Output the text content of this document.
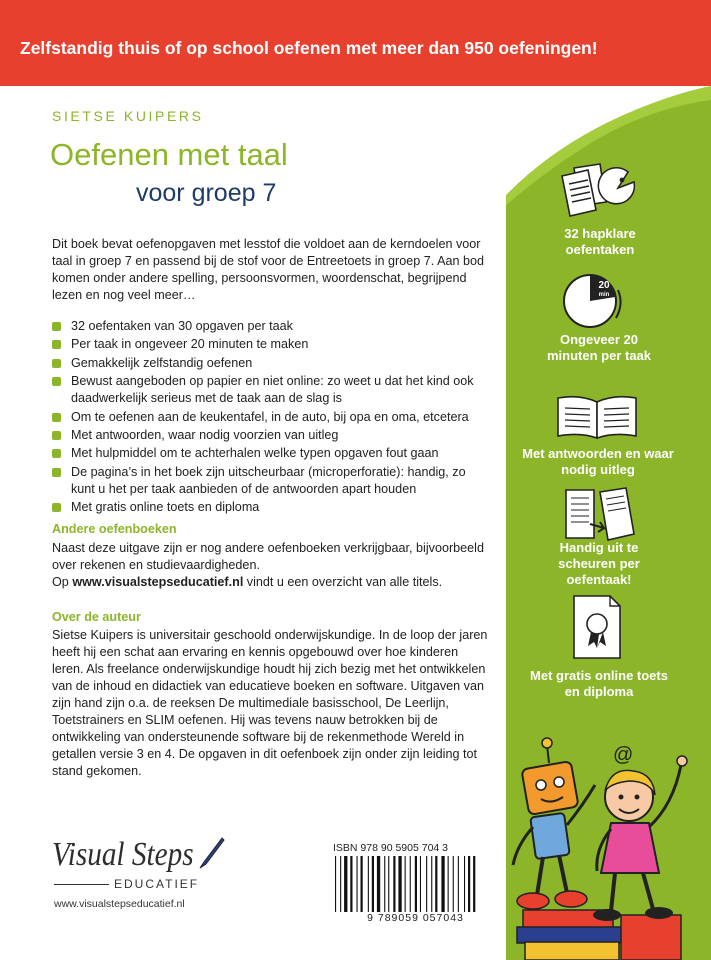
Zelfstandig thuis of op school oefenen met meer dan 950 oefeningen!
SIETSE KUIPERS
Oefenen met taal
voor groep 7
Dit boek bevat oefenopgaven met lesstof die voldoet aan de kerndoelen voor taal in groep 7 en passend bij de stof voor de Entreetoets in groep 7. Aan bod komen onder andere spelling, persoonsvormen, woordenschat, begrijpend lezen en nog veel meer…
32 oefentaken van 30 opgaven per taak
Per taak in ongeveer 20 minuten te maken
Gemakkelijk zelfstandig oefenen
Bewust aangeboden op papier en niet online: zo weet u dat het kind ook daadwerkelijk serieus met de taak aan de slag is
Om te oefenen aan de keukentafel, in de auto, bij opa en oma, etcetera
Met antwoorden, waar nodig voorzien van uitleg
Met hulpmiddel om te achterhalen welke typen opgaven fout gaan
De pagina’s in het boek zijn uitscheurbaar (microperforatie): handig, zo kunt u het per taak aanbieden of de antwoorden apart houden
Met gratis online toets en diploma
Andere oefenboeken
Naast deze uitgave zijn er nog andere oefenboeken verkrijgbaar, bijvoorbeeld over rekenen en studievaardigheden.
Op www.visualstepseducatief.nl vindt u een overzicht van alle titels.
Over de auteur
Sietse Kuipers is universitair geschoold onderwijskundige. In de loop der jaren heeft hij een schat aan ervaring en kennis opgebouwd over hoe kinderen leren. Als freelance onderwijskundige houdt hij zich bezig met het ontwikkelen van de inhoud en didactiek van educatieve boeken en software. Uitgaven van zijn hand zijn o.a. de reeksen De multimediale basisschool, De Leerlijn, Toetstrainers en SLIM oefenen. Hij was tevens nauw betrokken bij de ontwikkeling van ondersteunende software bij de rekenmethode Wereld in getallen versie 3 en 4. De opgaven in dit oefenboek zijn onder zijn leiding tot stand gekomen.
32 hapklare oefentaken
20
min
Ongeveer 20 minuten per taak
Met antwoorden en waar nodig uitleg
Handig uit te scheuren per oefentaak!
Met gratis online toets en diploma
@
Visual Steps
EDUCATIEF
www.visualstepseducatief.nl
ISBN 978 90 5905 704 3
9 789059 057043
